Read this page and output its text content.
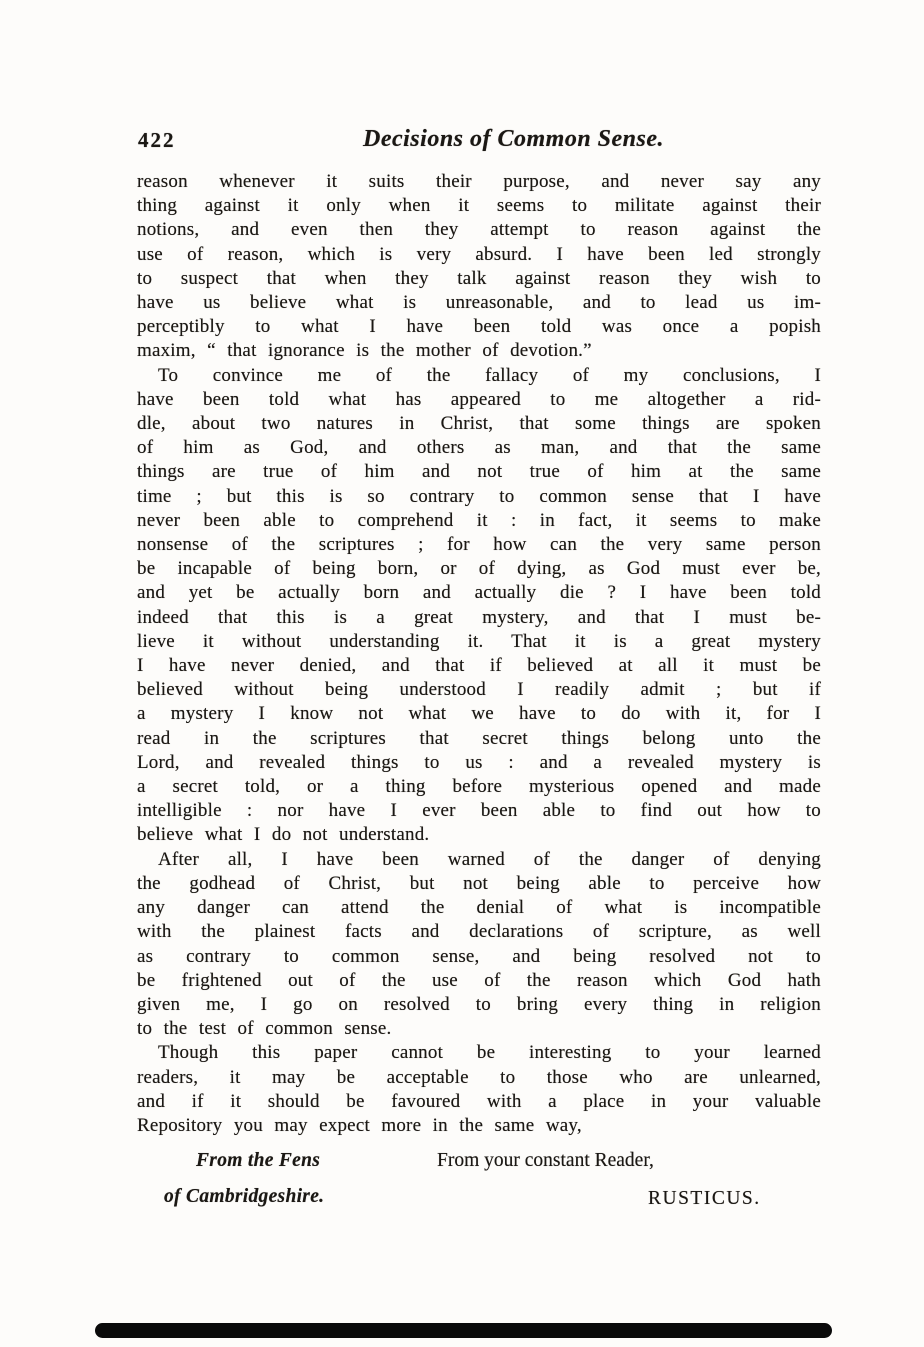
422	Decisions of Common Sense.
reason whenever it suits their purpose, and never say any
thing against it only when it seems to militate against their
notions, and even then they attempt to reason against the
use of reason, which is very absurd. I have been led strongly
to suspect that when they talk against reason they wish to
have us believe what is unreasonable, and to lead us im-
perceptibly to what I have been told was once a popish
maxim, “ that ignorance is the mother of devotion.”
To convince me of the fallacy of my conclusions, I
have been told what has appeared to me altogether a rid-
dle, about two natures in Christ, that some things are spoken
of him as God, and others as man, and that the same
things are true of him and not true of him at the same
time ; but this is so contrary to common sense that I have
never been able to comprehend it : in fact, it seems to make
nonsense of the scriptures ; for how can the very same person
be incapable of being born, or of dying, as God must ever be,
and yet be actually born and actually die ? I have been told
indeed that this is a great mystery, and that I must be-
lieve it without understanding it. That it is a great mystery
I have never denied, and that if believed at all it must be
believed without being understood I readily admit ; but if
a mystery I know not what we have to do with it, for I
read in the scriptures that secret things belong unto the
Lord, and revealed things to us : and a revealed mystery is
a secret told, or a thing before mysterious opened and made
intelligible : nor have I ever been able to find out how to
believe what I do not understand.
After all, I have been warned of the danger of denying
the godhead of Christ, but not being able to perceive how
any danger can attend the denial of what is incompatible
with the plainest facts and declarations of scripture, as well
as contrary to common sense, and being resolved not to
be frightened out of the use of the reason which God hath
given me, I go on resolved to bring every thing in religion
to the test of common sense.
Though this paper cannot be interesting to your learned
readers, it may be acceptable to those who are unlearned,
and if it should be favoured with a place in your valuable
Repository you may expect more in the same way,
From the Fens
of Cambridgeshire.
From your constant Reader,
RUSTICUS.
